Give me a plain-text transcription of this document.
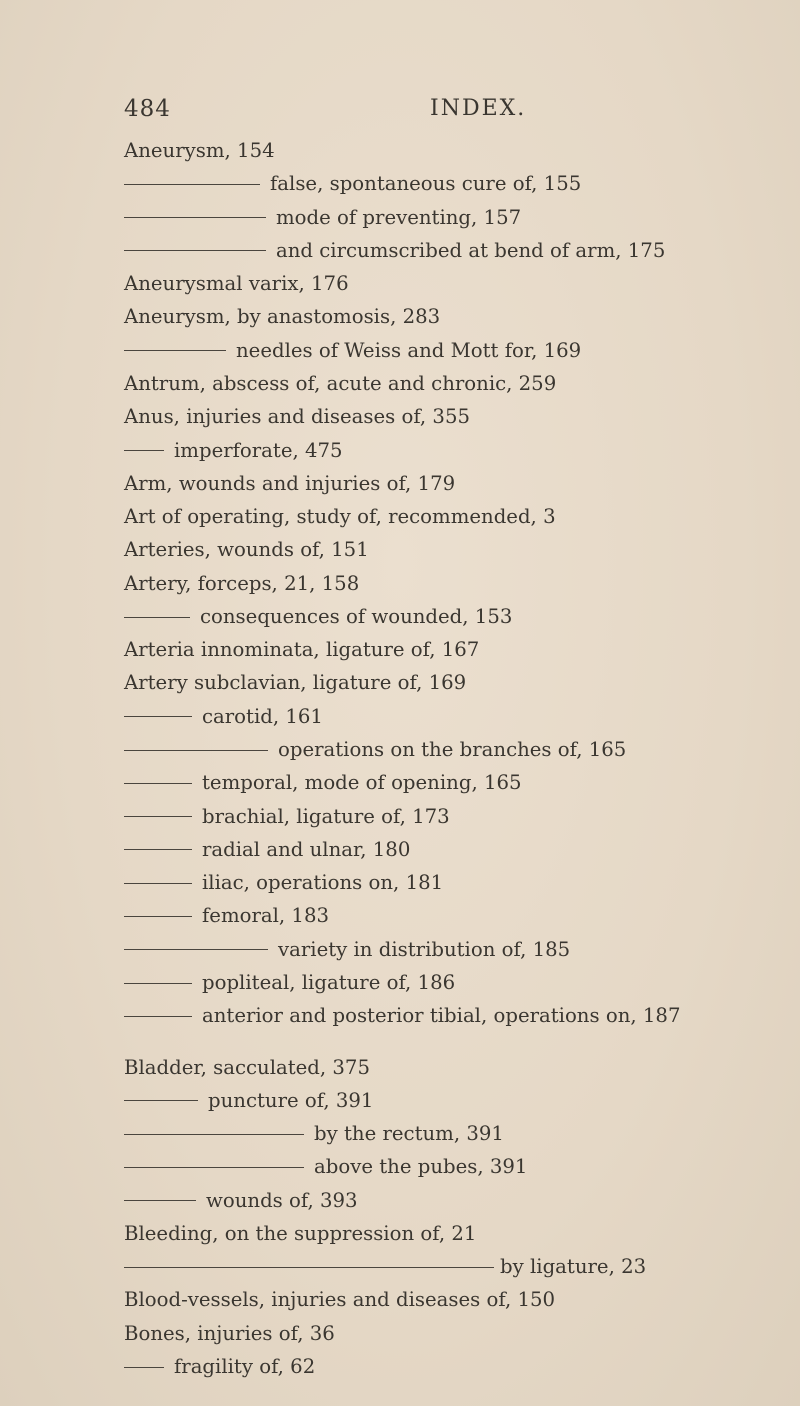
484	INDEX.
Aneurysm, 154
false, spontaneous cure of, 155
mode of preventing, 157
and circumscribed at bend of arm, 175
Aneurysmal varix, 176
Aneurysm, by anastomosis, 283
needles of Weiss and Mott for, 169
Antrum, abscess of, acute and chronic, 259
Anus, injuries and diseases of, 355
imperforate, 475
Arm, wounds and injuries of, 179
Art of operating, study of, recommended, 3
Arteries, wounds of, 151
Artery, forceps, 21, 158
consequences of wounded, 153
Arteria innominata, ligature of, 167
Artery subclavian, ligature of, 169
carotid, 161
operations on the branches of, 165
temporal, mode of opening, 165
brachial, ligature of, 173
radial and ulnar, 180
iliac, operations on, 181
femoral, 183
variety in distribution of, 185
popliteal, ligature of, 186
anterior and posterior tibial, operations on, 187
Bladder, sacculated, 375
puncture of, 391
by the rectum, 391
above the pubes, 391
wounds of, 393
Bleeding, on the suppression of, 21
by ligature, 23
Blood-vessels, injuries and diseases of, 150
Bones, injuries of, 36
fragility of, 62
